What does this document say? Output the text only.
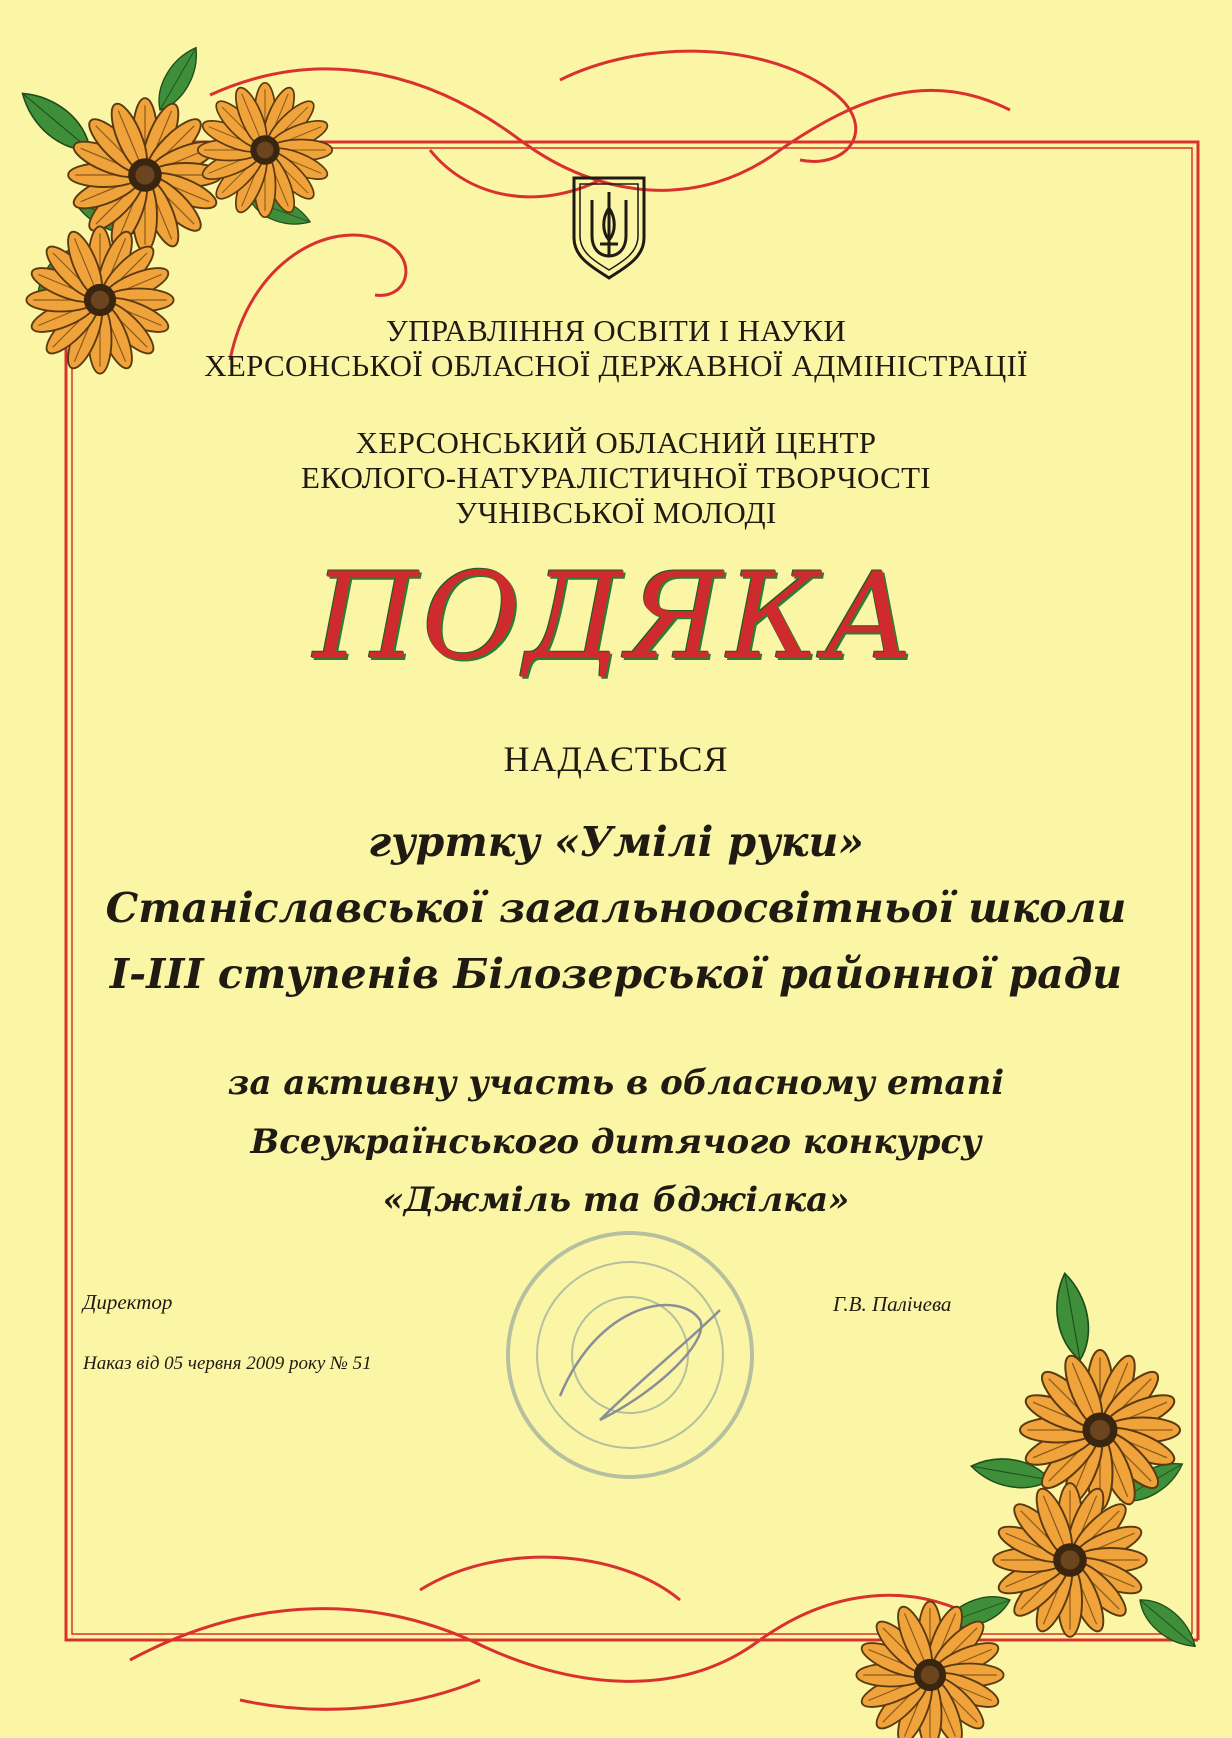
УПРАВЛІННЯ ОСВІТИ І НАУКИ
ХЕРСОНСЬКОЇ ОБЛАСНОЇ ДЕРЖАВНОЇ АДМІНІСТРАЦІЇ
ХЕРСОНСЬКИЙ ОБЛАСНИЙ ЦЕНТР
ЕКОЛОГО-НАТУРАЛІСТИЧНОЇ ТВОРЧОСТІ
УЧНІВСЬКОЇ МОЛОДІ
ПОДЯКА
НАДАЄТЬСЯ
гуртку «Умілі руки»
Станіславської загальноосвітньої школи
І-ІІІ ступенів Білозерської районної ради
за активну участь в обласному етапі
Всеукраїнського дитячого конкурсу
«Джміль та бджілка»
Директор	Г.В. Палічева
Наказ від 05 червня 2009 року № 51
